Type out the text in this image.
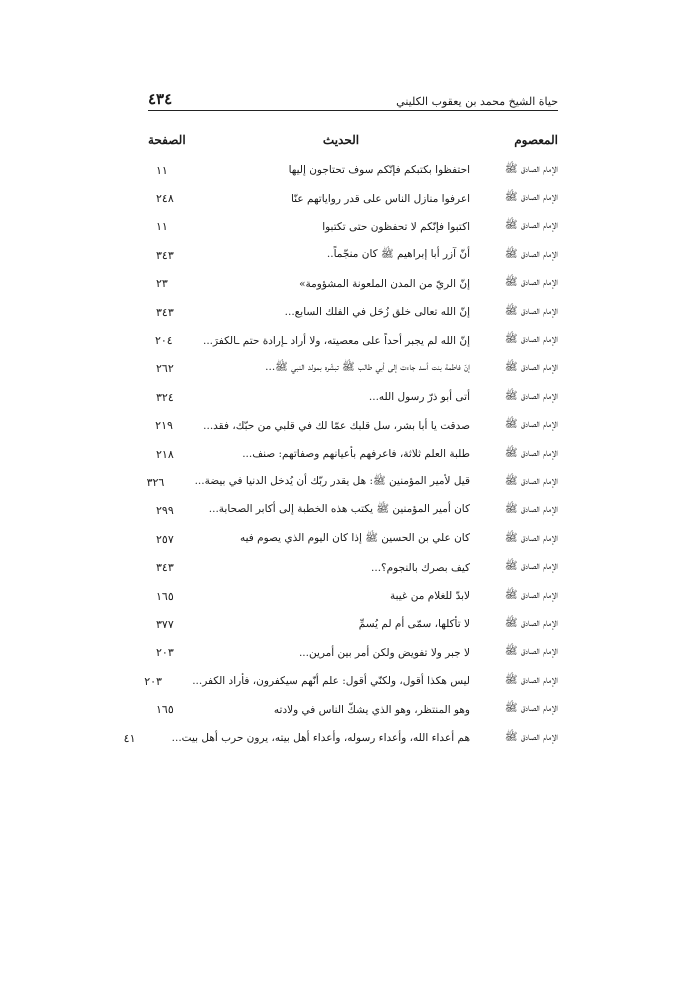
حياة الشيخ محمد بن يعقوب الكليني
٤٣٤
المعصوم
الحديث
الصفحة
الإمام الصادق ﷺ
احتفظوا بكتبكم فإنّكم سوف تحتاجون إليها
١١
الإمام الصادق ﷺ
اعرفوا منازل الناس على قدر رواياتهم عنّا
٢٤٨
الإمام الصادق ﷺ
اكتبوا فإنّكم لا تحفظون حتى تكتبوا
١١
الإمام الصادق ﷺ
أنّ آزر أبا إبراهيم ﷺ كان منجّماً..
٣٤٣
الإمام الصادق ﷺ
إنّ الريّ من المدن الملعونة المشؤومة»
٢٣
الإمام الصادق ﷺ
إنّ الله تعالى خلق زُحَل في الفلك السابع...
٣٤٣
الإمام الصادق ﷺ
إنّ الله لم يجبر أحداً على معصيته، ولا أراد ـإرادة حتم ـالكفرَ...
٢٠٤
الإمام الصادق ﷺ
إنّ فاطمة بنت أسد جاءت إلى أبي طالب ﷺ تبشّره بمولد النبي ﷺ...
٢٦٢
الإمام الصادق ﷺ
أتى أبو ذرّ رسول الله...
٣٢٤
الإمام الصادق ﷺ
صدقت يا أبا بشر، سل قلبك عمّا لك في قلبي من حبّك، فقد...
٢١٩
الإمام الصادق ﷺ
طلبة العلم ثلاثة، فاعرفهم بأعيانهم وصفاتهم: صنف...
٢١٨
الإمام الصادق ﷺ
قيل لأمير المؤمنين ﷺ: هل يقدر ربّك أن يُدخل الدنيا في بيضة...
٣٢٦
الإمام الصادق ﷺ
كان أمير المؤمنين ﷺ يكتب هذه الخطبة إلى أكابر الصحابة...
٢٩٩
الإمام الصادق ﷺ
كان علي بن الحسين ﷺ إذا كان اليوم الذي يصوم فيه
٢٥٧
الإمام الصادق ﷺ
كيف بصرك بالنجوم؟...
٣٤٣
الإمام الصادق ﷺ
لابدّ للغلام من غيبة
١٦٥
الإمام الصادق ﷺ
لا تأكلها، سمّى أم لم يُسمِّ
٣٧٧
الإمام الصادق ﷺ
لا جبر ولا تفويض ولكن أمر بين أمرين...
٢٠٣
الإمام الصادق ﷺ
ليس هكذا أقول، ولكنّي أقول: علم أنّهم سيكفرون، فأراد الكفر...
٢٠٣
الإمام الصادق ﷺ
وهو المنتظر، وهو الذي يشكّ الناس في ولادته
١٦٥
الإمام الصادق ﷺ
هم أعداء الله، وأعداء رسوله، وأعداء أهل بيته، يرون حرب أهل بيت...
٤١
